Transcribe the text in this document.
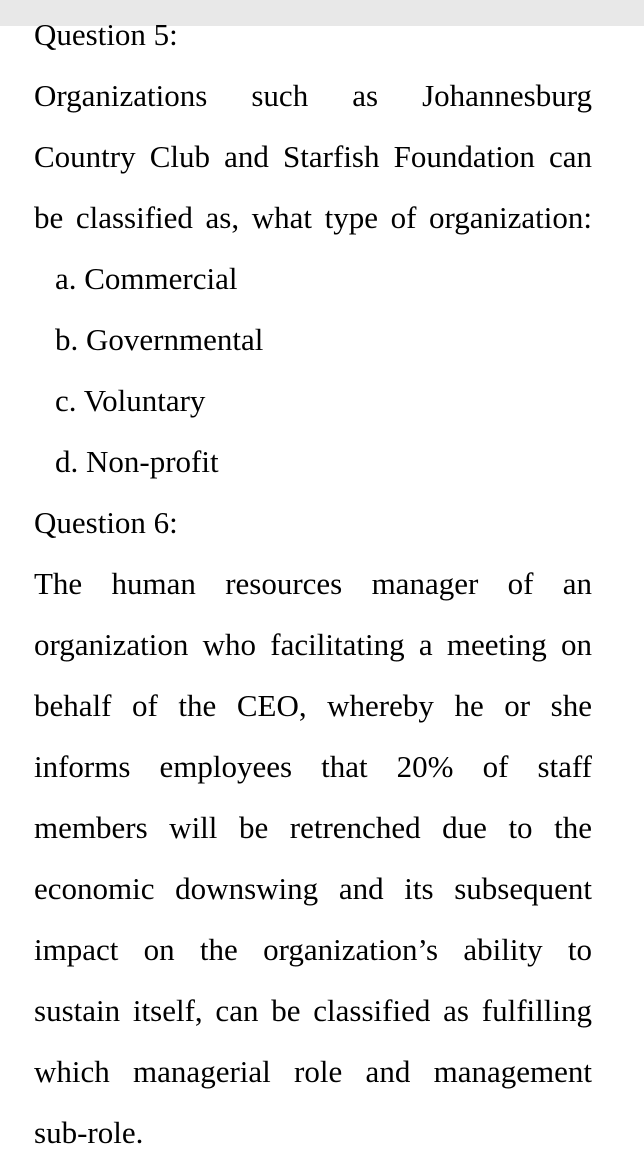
Question 5:
Organizations such as Johannesburg
Country Club and Starfish Foundation can
be classified as, what type of organization:
a. Commercial
b. Governmental
c. Voluntary
d. Non-profit
Question 6:
The human resources manager of an
organization who facilitating a meeting on
behalf of the CEO, whereby he or she
informs employees that 20% of staff
members will be retrenched due to the
economic downswing and its subsequent
impact on the organization’s ability to
sustain itself, can be classified as fulfilling
which managerial role and management
sub-role.
